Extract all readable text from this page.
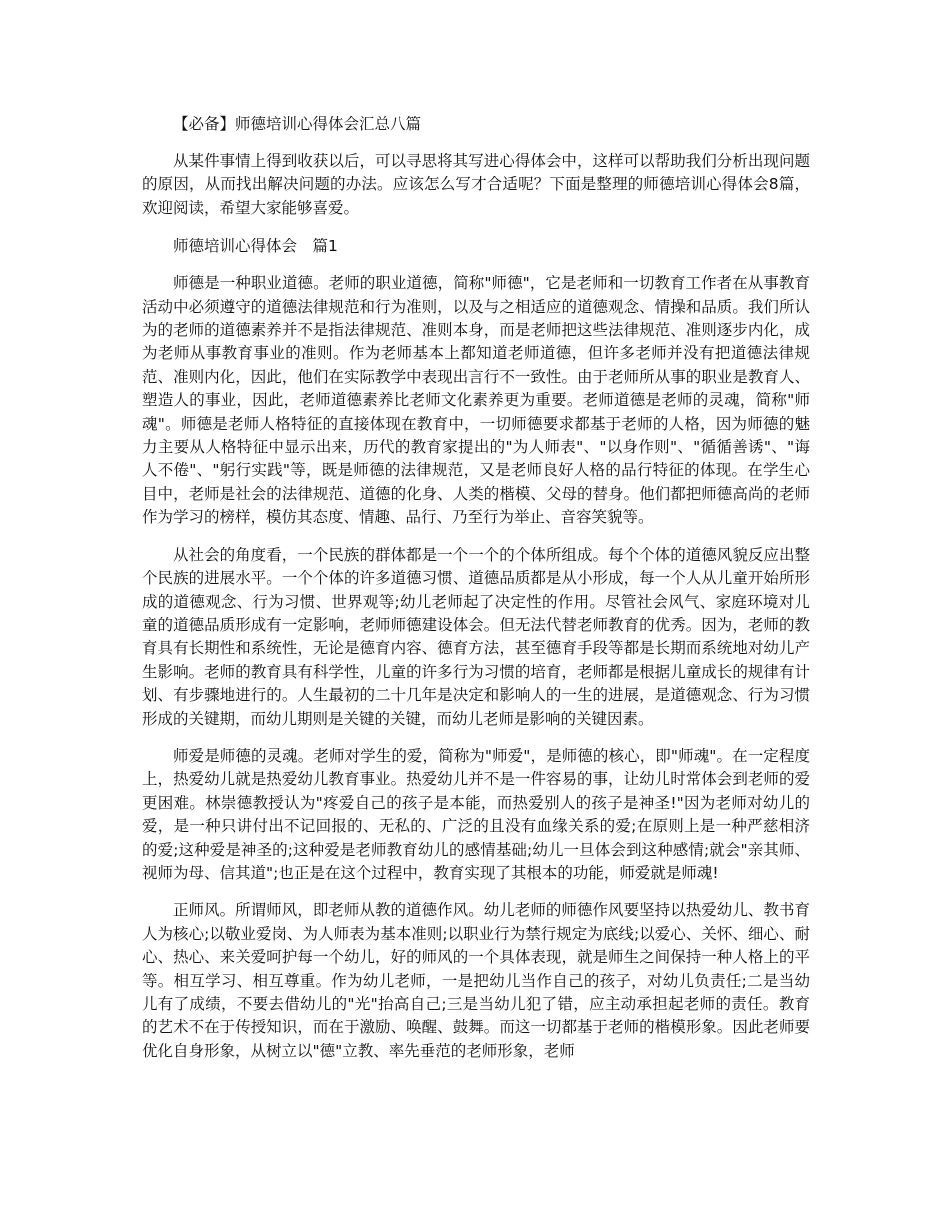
【必备】师德培训心得体会汇总八篇
从某件事情上得到收获以后，可以寻思将其写进心得体会中，这样可以帮助我们分析出现问题的原因，从而找出解决问题的办法。应该怎么写才合适呢？下面是整理的师德培训心得体会8篇，欢迎阅读，希望大家能够喜爱。
师德培训心得体会　篇1
师德是一种职业道德。老师的职业道德，简称"师德"，它是老师和一切教育工作者在从事教育活动中必须遵守的道德法律规范和行为准则，以及与之相适应的道德观念、情操和品质。我们所认为的老师的道德素养并不是指法律规范、准则本身，而是老师把这些法律规范、准则逐步内化，成为老师从事教育事业的准则。作为老师基本上都知道老师道德，但许多老师并没有把道德法律规范、准则内化，因此，他们在实际教学中表现出言行不一致性。由于老师所从事的职业是教育人、塑造人的事业，因此，老师道德素养比老师文化素养更为重要。老师道德是老师的灵魂，简称"师魂"。师德是老师人格特征的直接体现在教育中，一切师德要求都基于老师的人格，因为师德的魅力主要从人格特征中显示出来，历代的教育家提出的"为人师表"、"以身作则"、"循循善诱"、"诲人不倦"、"躬行实践"等，既是师德的法律规范，又是老师良好人格的品行特征的体现。在学生心目中，老师是社会的法律规范、道德的化身、人类的楷模、父母的替身。他们都把师德高尚的老师作为学习的榜样，模仿其态度、情趣、品行、乃至行为举止、音容笑貌等。
从社会的角度看，一个民族的群体都是一个一个的个体所组成。每个个体的道德风貌反应出整个民族的进展水平。一个个体的许多道德习惯、道德品质都是从小形成，每一个人从儿童开始所形成的道德观念、行为习惯、世界观等;幼儿老师起了决定性的作用。尽管社会风气、家庭环境对儿童的道德品质形成有一定影响，老师师德建设体会。但无法代替老师教育的优秀。因为，老师的教育具有长期性和系统性，无论是德育内容、德育方法，甚至德育手段等都是长期而系统地对幼儿产生影响。老师的教育具有科学性，儿童的许多行为习惯的培育，老师都是根据儿童成长的规律有计划、有步骤地进行的。人生最初的二十几年是决定和影响人的一生的进展，是道德观念、行为习惯形成的关键期，而幼儿期则是关键的关键，而幼儿老师是影响的关键因素。
师爱是师德的灵魂。老师对学生的爱，简称为"师爱"，是师德的核心，即"师魂"。在一定程度上，热爱幼儿就是热爱幼儿教育事业。热爱幼儿并不是一件容易的事，让幼儿时常体会到老师的爱更困难。林崇德教授认为"疼爱自己的孩子是本能，而热爱别人的孩子是神圣!"因为老师对幼儿的爱，是一种只讲付出不记回报的、无私的、广泛的且没有血缘关系的爱;在原则上是一种严慈相济的爱;这种爱是神圣的;这种爱是老师教育幼儿的感情基础;幼儿一旦体会到这种感情;就会"亲其师、视师为母、信其道";也正是在这个过程中，教育实现了其根本的功能，师爱就是师魂!
正师风。所谓师风，即老师从教的道德作风。幼儿老师的师德作风要坚持以热爱幼儿、教书育人为核心;以敬业爱岗、为人师表为基本准则;以职业行为禁行规定为底线;以爱心、关怀、细心、耐心、热心、来关爱呵护每一个幼儿，好的师风的一个具体表现，就是师生之间保持一种人格上的平等。相互学习、相互尊重。作为幼儿老师，一是把幼儿当作自己的孩子，对幼儿负责任;二是当幼儿有了成绩，不要去借幼儿的"光"抬高自己;三是当幼儿犯了错，应主动承担起老师的责任。教育的艺术不在于传授知识，而在于激励、唤醒、鼓舞。而这一切都基于老师的楷模形象。因此老师要优化自身形象，从树立以"德"立教、率先垂范的老师形象，老师
